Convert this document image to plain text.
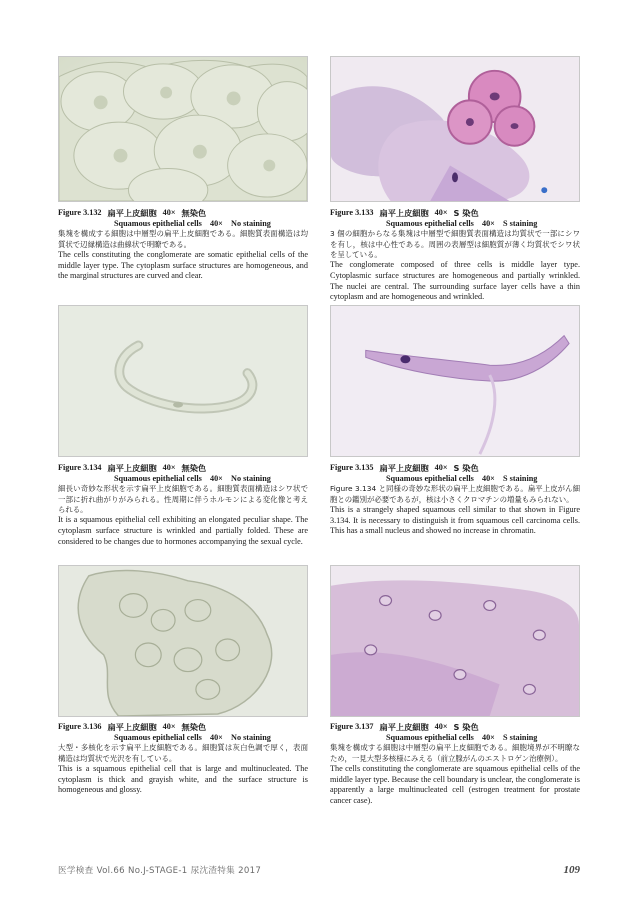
Figure 3.132 扁平上皮細胞 40× 無染色
Squamous epithelial cells　40×　No staining
集塊を構成する細胞は中層型の扁平上皮細胞である。細胞質表面構造は均質状で辺縁構造は曲線状で明瞭である。
The cells constituting the conglomerate are somatic epithelial cells of the middle layer type. The cytoplasm surface structures are homogeneous, and the marginal structures are curved and clear.
Figure 3.133 扁平上皮細胞 40× S 染色
Squamous epithelial cells　40×　S staining
3 個の細胞からなる集塊は中層型で細胞質表面構造は均質状で一部にシワを有し，核は中心性である。周囲の表層型は細胞質が薄く均質状でシワ状を呈している。
The conglomerate composed of three cells is middle layer type. Cytoplasmic surface structures are homogeneous and partially wrinkled. The nuclei are central. The surrounding surface layer cells have a thin cytoplasm and are homogeneous and wrinkled.
Figure 3.134 扁平上皮細胞 40× 無染色
Squamous epithelial cells　40×　No staining
細長い奇妙な形状を示す扁平上皮細胞である。細胞質表面構造はシワ状で一部に折れ曲がりがみられる。性周期に伴うホルモンによる変化像と考えられる。
It is a squamous epithelial cell exhibiting an elongated peculiar shape. The cytoplasm surface structure is wrinkled and partially folded. These are considered to be changes due to hormones accompanying the sexual cycle.
Figure 3.135 扁平上皮細胞 40× S 染色
Squamous epithelial cells　40×　S staining
Figure 3.134 と同様の奇妙な形状の扁平上皮細胞である。扁平上皮がん細胞との鑑別が必要であるが，核は小さくクロマチンの増量もみられない。
This is a strangely shaped squamous cell similar to that shown in Figure 3.134. It is necessary to distinguish it from squamous cell carcinoma cells. This has a small nucleus and showed no increase in chromatin.
Figure 3.136 扁平上皮細胞 40× 無染色
Squamous epithelial cells　40×　No staining
大型・多核化を示す扁平上皮細胞である。細胞質は灰白色調で厚く，表面構造は均質状で光沢を有している。
This is a squamous epithelial cell that is large and multinucleated. The cytoplasm is thick and grayish white, and the surface structure is homogeneous and glossy.
Figure 3.137 扁平上皮細胞 40× S 染色
Squamous epithelial cells　40×　S staining
集塊を構成する細胞は中層型の扁平上皮細胞である。細胞境界が不明瞭なため，一見大型多核様にみえる（前立腺がんのエストロゲン治療例）。
The cells constituting the conglomerate are squamous epithelial cells of the middle layer type. Because the cell boundary is unclear, the conglomerate is apparently a large multinucleated cell (estrogen treatment for prostate cancer case).
医学検査 Vol.66 No.J-STAGE-1 尿沈渣特集 2017	109
